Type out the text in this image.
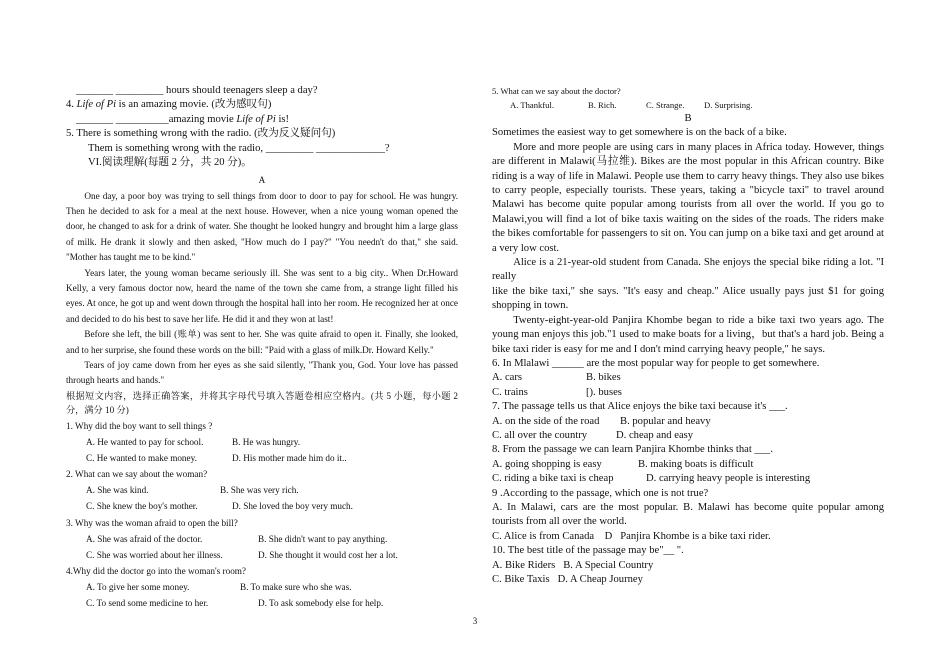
_______ _________ hours should teenagers sleep a day?
4. Life of Pi is an amazing movie. (改为感叹句)
_______ __________amazing movie Life of Pi is!
5. There is something wrong with the radio. (改为反义疑问句)
Them is something wrong with the radio, _________ _____________?
VI.阅读理解(每题 2 分，共 20 分)。
A

One day, a poor boy was trying to sell things from door to door to pay for school. He was hungry. Then he decided to ask for a meal at the next house. However, when a nice young woman opened the door, he changed to ask for a drink of water. She thought he looked hungry and brought him a large glass of milk. He drank it slowly and then asked, "How much do I pay?" "You needn't do that," she said. "Mother has taught me to be kind."

Years later, the young woman became seriously ill. She was sent to a big city.. When Dr.Howard Kelly, a very famous doctor now, heard the name of the town she came from, a strange light filled his eyes. At once, he got up and went down through the hospital hall into her room. He recognized her at once and decided to do his best to save her life. He did it and they won at last!

Before she left, the bill (账单) was sent to her. She was quite afraid to open it. Finally, she looked, and to her surprise, she found these words on the bill: "Paid with a glass of milk.Dr. Howard Kelly."

Tears of joy came down from her eyes as she said silently, "Thank you, God. Your love has passed through hearts and hands."

根据短文内容，选择正确答案，并将其字母代号填入答题卷相应空格内。(共 5 小题，每小题 2 分，满分 10 分)

1. Why did the boy want to sell things ?
A. He wanted to pay for school.	B. He was hungry.
C. He wanted to make money.	D. His mother made him do it..
2. What can we say about the woman?
A. She was kind.	B. She was very rich.
C. She knew the boy's mother.	D. She loved the boy very much.
3. Why was the woman afraid to open the bill?
A. She was afraid of the doctor.	B. She didn't want to pay anything.
C. She was worried about her illness.	D. She thought it would cost her a lot.
4.Why did the doctor go into the woman's room?
A. To give her some money.	B. To make sure who she was.
C. To send some medicine to her.	D. To ask somebody else for help.
5. What can we say about the doctor?
A. Thankful.	B. Rich.	C. Strange. D. Surprising.
B
Sometimes the easiest way to get somewhere is on the back of a bike.

More and more people are using cars in many places in Africa today. However, things are different in Malawi(马拉维). Bikes are the most popular in this African country. Bike riding is a way of life in Malawi. People use them to carry heavy things. They also use bikes to carry people, especially tourists. These years, taking a "bicycle taxi" to travel around Malawi has become quite popular among tourists from all over the world. If you go to Malawi,you will find a lot of bike taxis waiting on the sides of the roads. The riders make the bikes comfortable for passengers to sit on. You can jump on a bike taxi and get around at a very low cost.

Alice is a 21-year-old student from Canada. She enjoys the special bike riding a lot. "I really

like the bike taxi," she says. "It's easy and cheap." Alice usually pays just $1 for going shopping in town.

Twenty-eight-year-old Panjira Khombe began to ride a bike taxi two years ago. The young man enjoys this job."1 used to make boats for a living，but that's a hard job. Being a bike taxi rider is easy for me and I don't mind carrying heavy people," he says.

6. In Mlalawi ______ are the most popular way for people to get somewhere.
A. cars	B. bikes
C. trains	[). buses
7. The passage tells us that Alice enjoys the bike taxi because it's ___.
A. on the side of the road B. popular and heavy
C. all over the country	D. cheap and easy
8. From the passage we can learn Panjira Khombe thinks that ___.
A. going shopping is easy	B. making boats is difficult
C. riding a bike taxi is cheap	D. carrying heavy people is interesting
9 .According to the passage, which one is not true?

A. In Malawi, cars are the most popular. B. Malawi has become quite popular among tourists from all over the world.

C. Alice is from Canada    D   Panjira Khombe is a bike taxi rider.
10. The best title of the passage may be"__ ".
A. Bike Riders   B. A Special Country
C. Bike Taxis   D. A Cheap Journey
3
